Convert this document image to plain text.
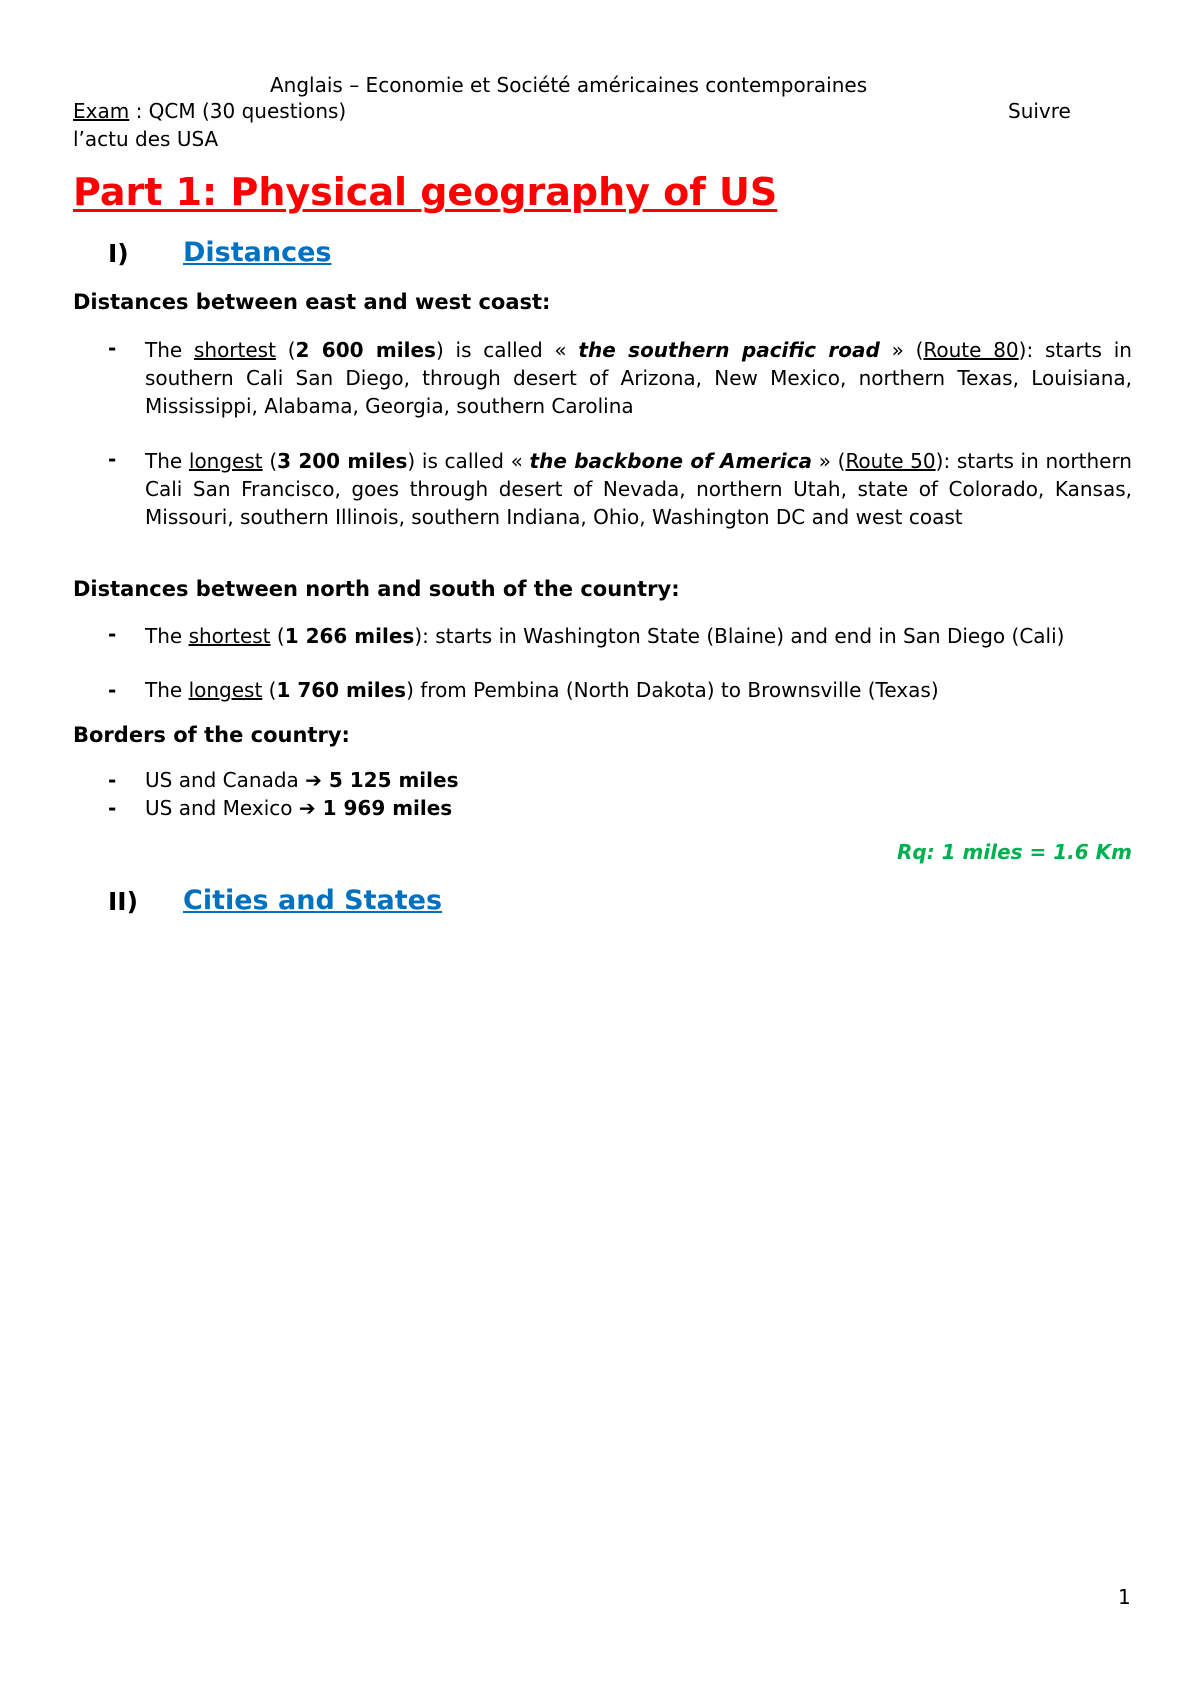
Anglais – Economie et Société américaines contemporaines
Exam : QCM (30 questions)	Suivre
l’actu des USA
Part 1: Physical geography of US
I) Distances
Distances between east and west coast:
- The shortest (2 600 miles) is called « the southern pacific road » (Route 80): starts in southern Cali San Diego, through desert of Arizona, New Mexico, northern Texas, Louisiana, Mississippi, Alabama, Georgia, southern Carolina
- The longest (3 200 miles) is called « the backbone of America » (Route 50): starts in northern Cali San Francisco, goes through desert of Nevada, northern Utah, state of Colorado, Kansas, Missouri, southern Illinois, southern Indiana, Ohio, Washington DC and west coast
Distances between north and south of the country:
- The shortest (1 266 miles): starts in Washington State (Blaine) and end in San Diego (Cali)
- The longest (1 760 miles) from Pembina (North Dakota) to Brownsville (Texas)
Borders of the country:
- US and Canada ➔ 5 125 miles
- US and Mexico ➔ 1 969 miles
Rq: 1 miles = 1.6 Km
II) Cities and States
1
